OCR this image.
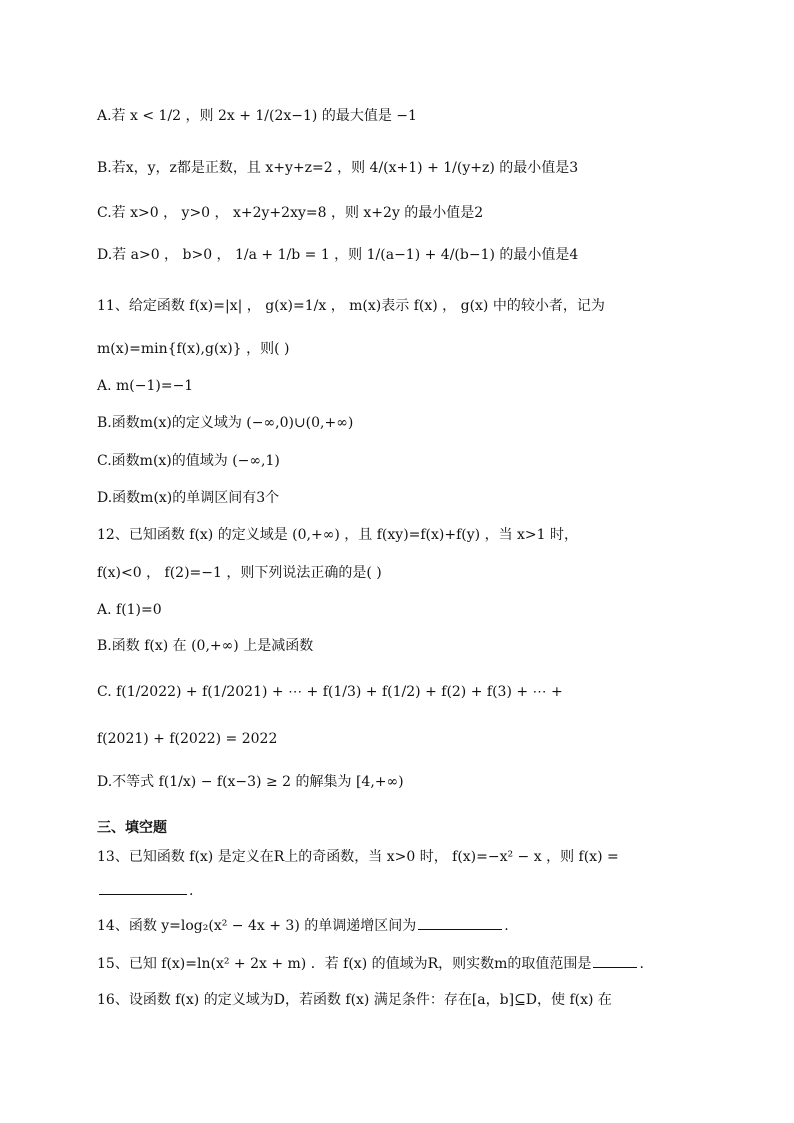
A.若 x < 1/2 ，则 2x + 1/(2x−1) 的最大值是 −1
B.若x，y，z都是正数，且 x+y+z=2 ，则 4/(x+1) + 1/(y+z) 的最小值是3
C.若 x>0 ， y>0 ， x+2y+2xy=8 ，则 x+2y 的最小值是2
D.若 a>0 ， b>0 ， 1/a + 1/b = 1 ，则 1/(a−1) + 4/(b−1) 的最小值是4
11、给定函数 f(x)=|x| ， g(x)=1/x ， m(x)表示 f(x) ， g(x) 中的较小者，记为
m(x)=min{f(x),g(x)} ，则( )
A. m(−1)=−1
B.函数m(x)的定义域为 (−∞,0)∪(0,+∞)
C.函数m(x)的值域为 (−∞,1)
D.函数m(x)的单调区间有3个
12、已知函数 f(x) 的定义域是 (0,+∞) ，且 f(xy)=f(x)+f(y) ，当 x>1 时，
f(x)<0 ， f(2)=−1 ，则下列说法正确的是( )
A. f(1)=0
B.函数 f(x) 在 (0,+∞) 上是减函数
C. f(1/2022) + f(1/2021) + ⋯ + f(1/3) + f(1/2) + f(2) + f(3) + ⋯ +
f(2021) + f(2022) = 2022
D.不等式 f(1/x) − f(x−3) ≥ 2 的解集为 [4,+∞)
三、填空题
13、已知函数 f(x) 是定义在R上的奇函数，当 x>0 时， f(x)=−x² − x ，则 f(x) =
.
14、函数 y=log₂(x² − 4x + 3) 的单调递增区间为	.
15、已知 f(x)=ln(x² + 2x + m) ．若 f(x) 的值域为R，则实数m的取值范围是	.
16、设函数 f(x) 的定义域为D，若函数 f(x) 满足条件：存在[a，b]⊆D，使 f(x) 在
